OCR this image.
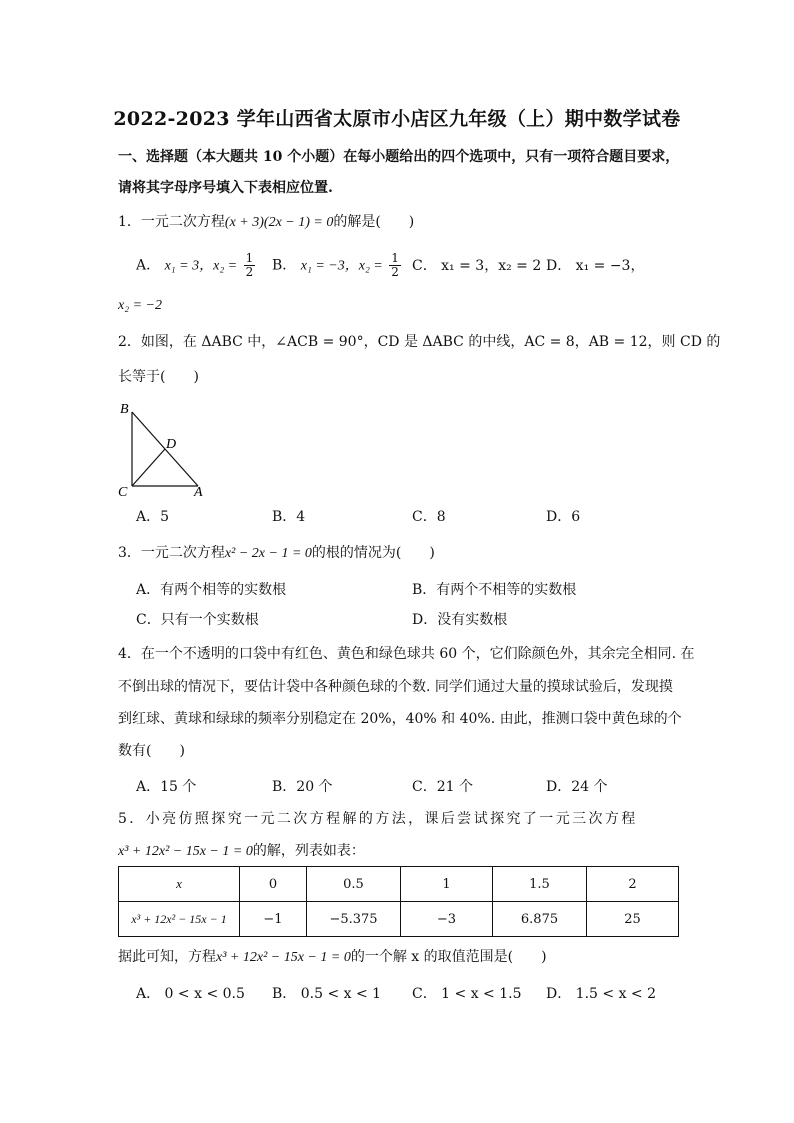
2022-2023 学年山西省太原市小店区九年级（上）期中数学试卷
一、选择题（本大题共 10 个小题）在每小题给出的四个选项中，只有一项符合题目要求，
请将其字母序号填入下表相应位置.
1．一元二次方程(x + 3)(2x − 1) = 0的解是(　　)
A． x₁ = 3，$x_2 = \frac{1}{2}$ B． x₁ = −3，$x_2 = \frac{1}{2}$ C． x₁ = 3，x₂ = 2 D． x₁ = −3，
x₂ = −2
2．如图，在 ΔABC 中，∠ACB = 90°，CD 是 ΔABC 的中线，AC = 8，AB = 12，则 CD 的
长等于(　　)
B
D
C	A
A．5	B．4	C．8	D．6
3．一元二次方程x² − 2x − 1 = 0的根的情况为(　　)
A．有两个相等的实数根	B．有两个不相等的实数根
C．只有一个实数根	D．没有实数根
4．在一个不透明的口袋中有红色、黄色和绿色球共 60 个，它们除颜色外，其余完全相同. 在
不倒出球的情况下，要估计袋中各种颜色球的个数. 同学们通过大量的摸球试验后，发现摸
到红球、黄球和绿球的频率分别稳定在 20%，40% 和 40%. 由此，推测口袋中黄色球的个
数有(　　)
A．15 个	B．20 个	C．21 个	D．24 个
5．小亮仿照探究一元二次方程解的方法，课后尝试探究了一元三次方程
x³ + 12x² − 15x − 1 = 0的解，列表如表：
x	0	0.5	1	1.5	2
x³ + 12x² − 15x − 1	−1	−5.375	−3	6.875	25
据此可知，方程x³ + 12x² − 15x − 1 = 0的一个解 x 的取值范围是(　　)
A． 0 < x < 0.5 B． 0.5 < x < 1 C． 1 < x < 1.5 D． 1.5 < x < 2
